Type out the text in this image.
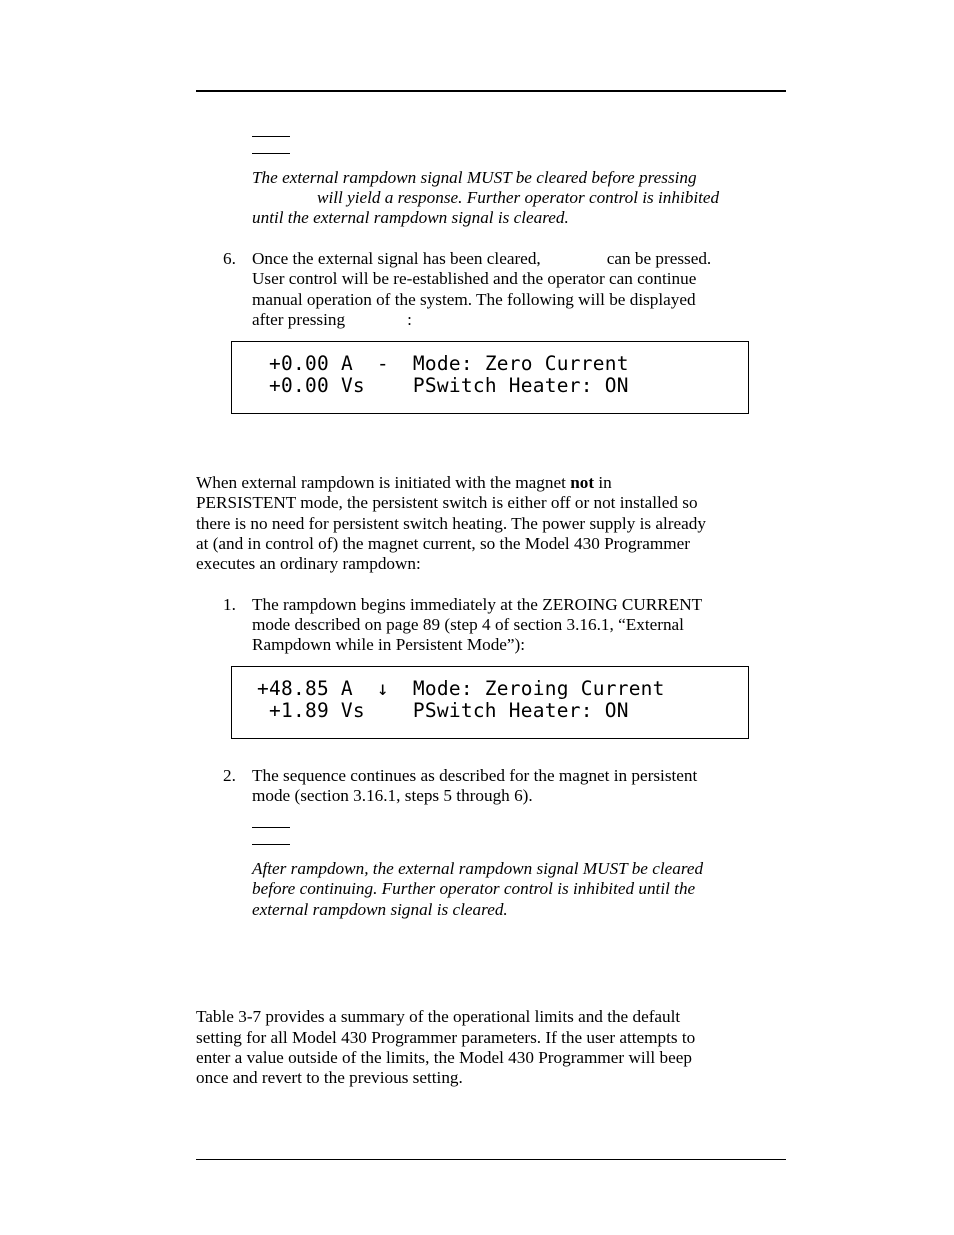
The external rampdown signal MUST be cleared before pressing

will yield a response. Further operator control is inhibited

until the external rampdown signal is cleared.

6. Once the external signal has been cleared,	can be pressed.

User control will be re-established and the operator can continue

manual operation of the system. The following will be displayed

after pressing	:

+0.00 A  -  Mode: Zero Current
+0.00 Vs    PSwitch Heater: ON

When external rampdown is initiated with the magnet not in

PERSISTENT mode, the persistent switch is either off or not installed so

there is no need for persistent switch heating. The power supply is already

at (and in control of) the magnet current, so the Model 430 Programmer

executes an ordinary rampdown:

1. The rampdown begins immediately at the ZEROING CURRENT

mode described on page 89 (step 4 of section 3.16.1, “External

Rampdown while in Persistent Mode”):

+48.85 A  ↓  Mode: Zeroing Current
+1.89 Vs    PSwitch Heater: ON
2. The sequence continues as described for the magnet in persistent

mode (section 3.16.1, steps 5 through 6).

After rampdown, the external rampdown signal MUST be cleared

before continuing. Further operator control is inhibited until the

external rampdown signal is cleared.

Table 3-7 provides a summary of the operational limits and the default

setting for all Model 430 Programmer parameters. If the user attempts to

enter a value outside of the limits, the Model 430 Programmer will beep

once and revert to the previous setting.
